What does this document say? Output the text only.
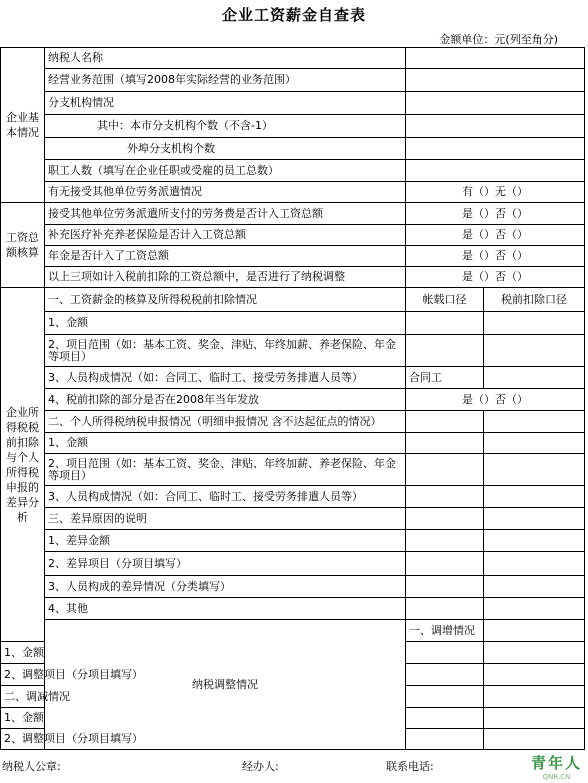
企业工资薪金自查表
金额单位：元(列至角分)
企业基本情况	纳税人名称			
	经营业务范围（填写2008年实际经营的业务范围）			
	分支机构情况			
	其中：本市分支机构个数（不含-1）			
	外埠分支机构个数			
	职工人数（填写在企业任职或受雇的员工总数）			
	有无接受其他单位劳务派遣情况	有（）无（）		
工资总额核算	接受其他单位劳务派遣所支付的劳务费是否计入工资总额	是（）否（）		
	补充医疗补充养老保险是否计入工资总额	是（）否（）		
	年金是否计入了工资总额	是（）否（）		
	以上三项如计入税前扣除的工资总额中，是否进行了纳税调整	是（）否（）		
企业所得税税前扣除与个人所得税申报的差异分析	一、工资薪金的核算及所得税税前扣除情况	帐载口径	税前扣除口径	
	1、金额			
	2、项目范围（如：基本工资、奖金、津贴、年终加薪、养老保险、年金等项目）			
	3、人员构成情况（如：合同工、临时工、接受劳务排遣人员等）	合同工		
	4、税前扣除的部分是否在2008年当年发放	是（）否（）		
	二、个人所得税纳税申报情况（明细申报情况 含不达起征点的情况）			
	1、金额			
	2、项目范围（如：基本工资、奖金、津贴、年终加薪、养老保险、年金等项目）			
	3、人员构成情况（如：合同工、临时工、接受劳务排遣人员等）			
	三、差异原因的说明			
	1、差异金额			
	2、差异项目（分项目填写）			
	3、人员构成的差异情况（分类填写）			
	4、其他			
	纳税调整情况	一、调增情况		
1、金额				
2、调整项目（分项目填写）				
二、调减情况				
1、金额				
2、调整项目（分项目填写）				
纳税人公章:	经办人:	联系电话:	青年人
QNR.CN
